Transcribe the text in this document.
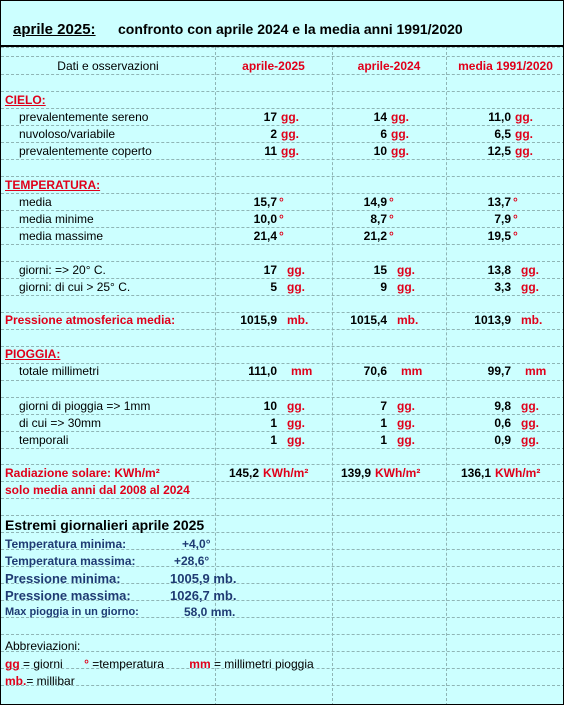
aprile 2025: confronto con aprile 2024 e la media anni 1991/2020
Dati e osservazioni	aprile-2025	aprile-2024	media 1991/2020
CIELO:
prevalentemente sereno	17 gg.	14 gg.	11,0 gg.
nuvoloso/variabile	2 gg.	6 gg.	6,5 gg.
prevalentemente coperto	11 gg.	10 gg.	12,5 gg.
TEMPERATURA:
media	15,7 °	14,9 °	13,7 °
media minime	10,0 °	8,7 °	7,9 °
media massime	21,4 °	21,2 °	19,5 °
giorni: => 20° C.	17 gg.	15 gg.	13,8 gg.
giorni: di cui > 25° C.	5 gg.	9 gg.	3,3 gg.
Pressione atmosferica media:	1015,9 mb.	1015,4 mb.	1013,9 mb.
PIOGGIA:
totale millimetri	111,0 mm	70,6 mm	99,7 mm
giorni di pioggia => 1mm	10 gg.	7 gg.	9,8 gg.
di cui => 30mm	1 gg.	1 gg.	0,6 gg.
temporali	1 gg.	1 gg.	0,9 gg.
Radiazione solare: KWh/m²	145,2 KWh/m²	139,9 KWh/m²	136,1 KWh/m²
solo media anni dal 2008 al 2024
Estremi giornalieri aprile 2025
Temperatura minima:	+4,0°
Temperatura massima:	+28,6°
Pressione minima:	1005,9 mb.
Pressione massima:	1026,7 mb.
Max pioggia in un giorno:	58,0 mm.
Abbreviazioni:
gg = giorni ° =temperatura mm = millimetri pioggia
mb.= millibar
